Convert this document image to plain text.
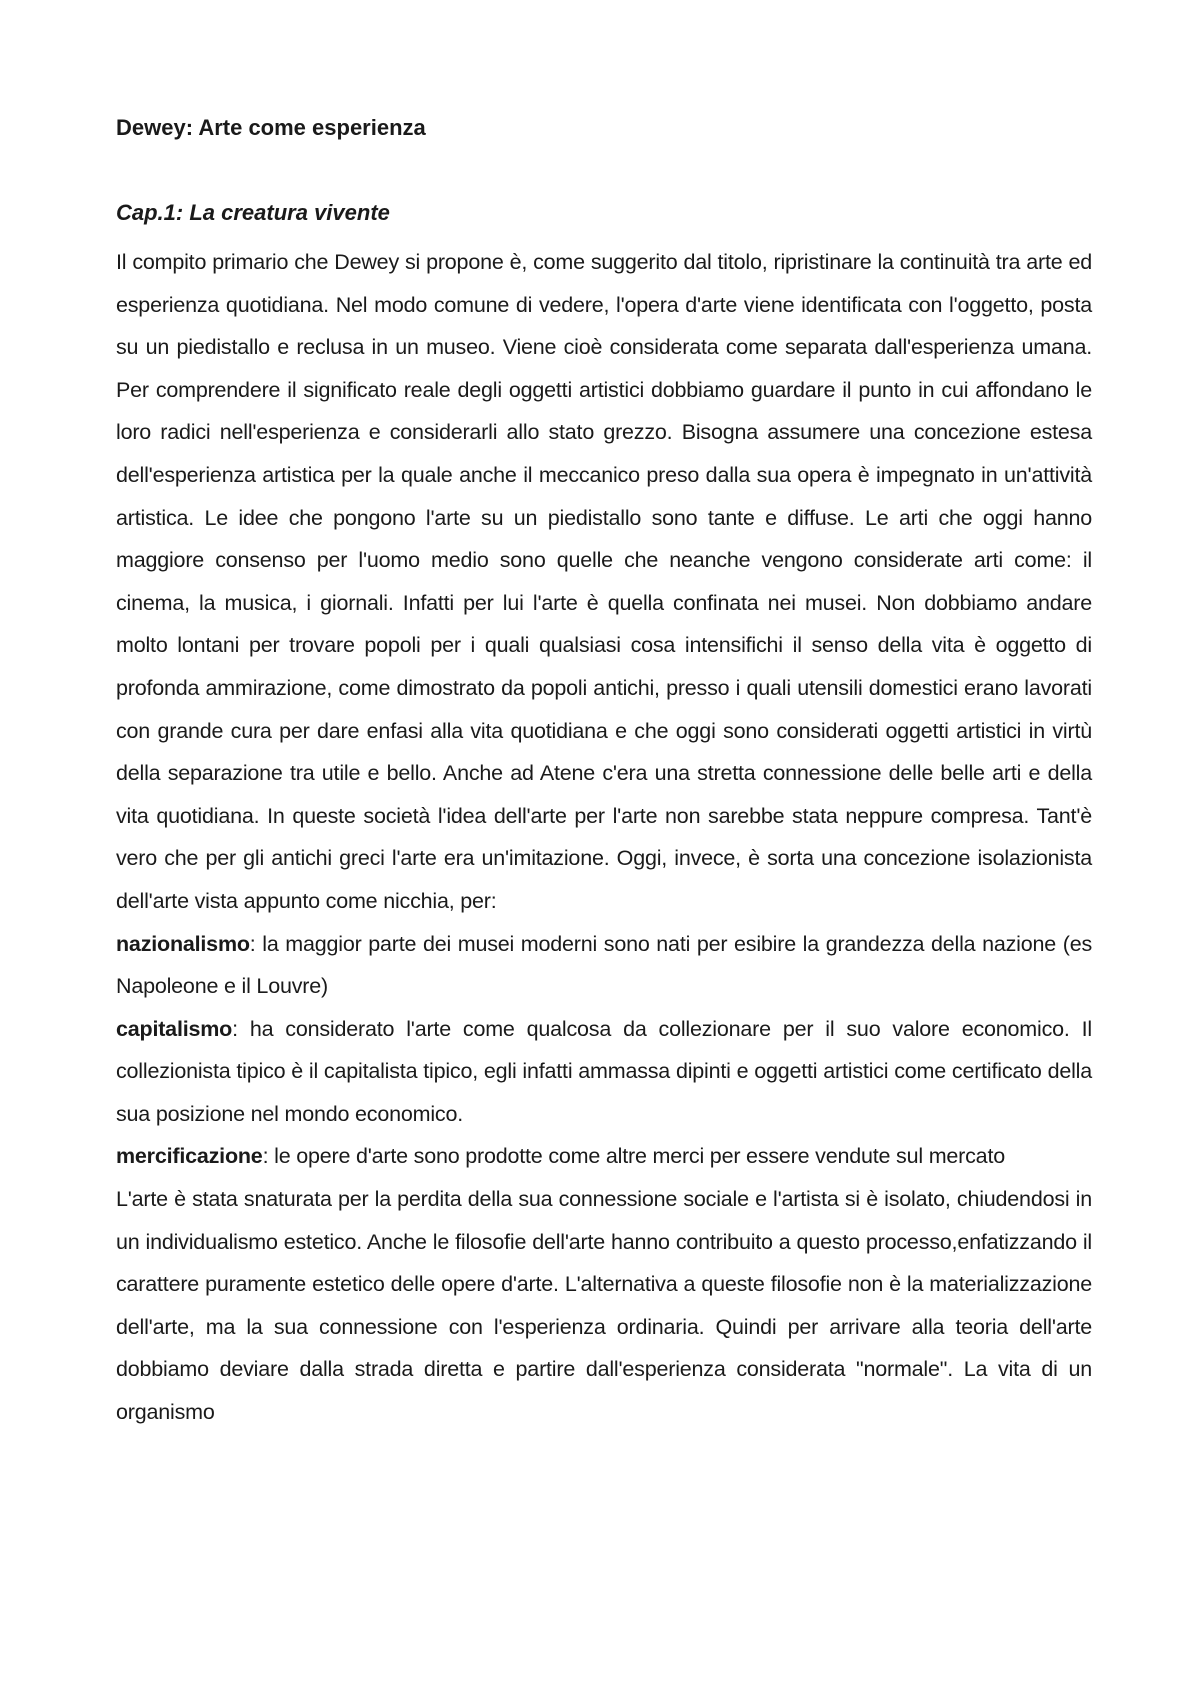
Dewey: Arte come esperienza
Cap.1: La creatura vivente

Il compito primario che Dewey si propone è, come suggerito dal titolo, ripristinare la continuità tra arte ed esperienza quotidiana. Nel modo comune di vedere, l'opera d'arte viene identificata con l'oggetto, posta su un piedistallo e reclusa in un museo. Viene cioè considerata come separata dall'esperienza umana. Per comprendere il significato reale degli oggetti artistici dobbiamo guardare il punto in cui affondano le loro radici nell'esperienza e considerarli allo stato grezzo. Bisogna assumere una concezione estesa dell'esperienza artistica per la quale anche il meccanico preso dalla sua opera è impegnato in un'attività artistica. Le idee che pongono l'arte su un piedistallo sono tante e diffuse. Le arti che oggi hanno maggiore consenso per l'uomo medio sono quelle che neanche vengono considerate arti come: il cinema, la musica, i giornali. Infatti per lui l'arte è quella confinata nei musei. Non dobbiamo andare molto lontani per trovare popoli per i quali qualsiasi cosa intensifichi il senso della vita è oggetto di profonda ammirazione, come dimostrato da popoli antichi, presso i quali utensili domestici erano lavorati con grande cura per dare enfasi alla vita quotidiana e che oggi sono considerati oggetti artistici in virtù della separazione tra utile e bello. Anche ad Atene c'era una stretta connessione delle belle arti e della vita quotidiana. In queste società l'idea dell'arte per l'arte non sarebbe stata neppure compresa. Tant'è vero che per gli antichi greci l'arte era un'imitazione. Oggi, invece, è sorta una concezione isolazionista dell'arte vista appunto come nicchia, per:

nazionalismo: la maggior parte dei musei moderni sono nati per esibire la grandezza della nazione (es Napoleone e il Louvre)

capitalismo: ha considerato l'arte come qualcosa da collezionare per il suo valore economico. Il collezionista tipico è il capitalista tipico, egli infatti ammassa dipinti e oggetti artistici come certificato della sua posizione nel mondo economico.

mercificazione: le opere d'arte sono prodotte come altre merci per essere vendute sul mercato

L'arte è stata snaturata per la perdita della sua connessione sociale e l'artista si è isolato, chiudendosi in un individualismo estetico. Anche le filosofie dell'arte hanno contribuito a questo processo,enfatizzando il carattere puramente estetico delle opere d'arte. L'alternativa a queste filosofie non è la materializzazione dell'arte, ma la sua connessione con l'esperienza ordinaria. Quindi per arrivare alla teoria dell'arte dobbiamo deviare dalla strada diretta e partire dall'esperienza considerata "normale". La vita di un organismo
